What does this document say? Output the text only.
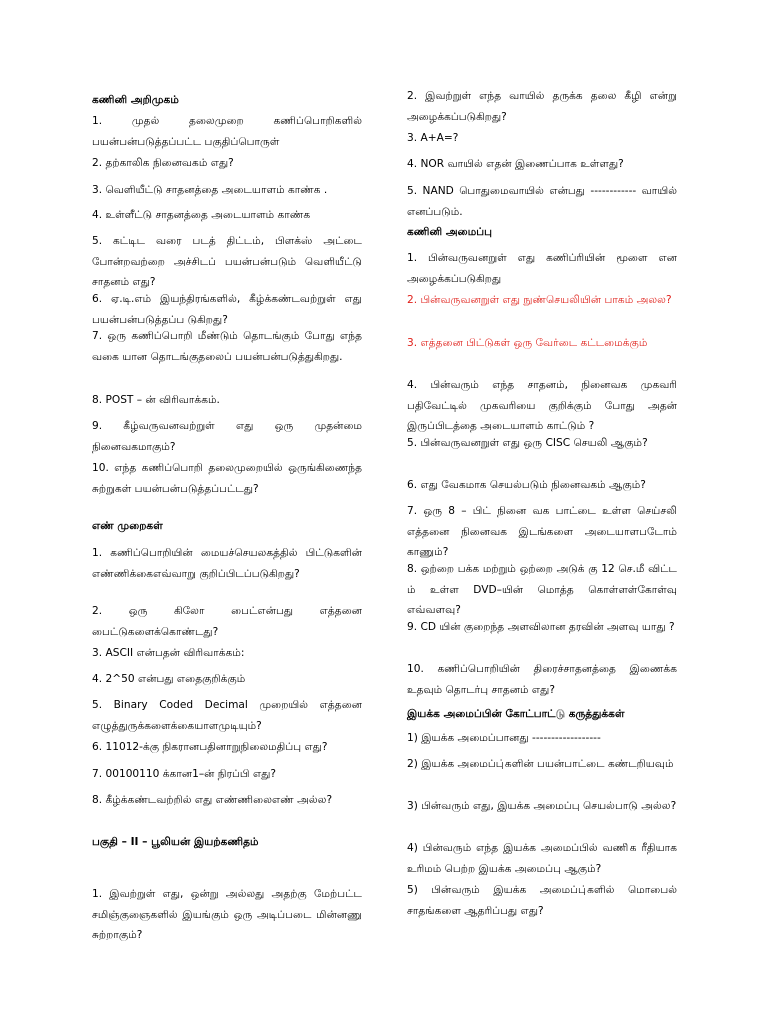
கணினி அறிமுகம்

1. முதல் தலைமுறை கணிப்பொறிகளில் பயன்பன்படுத்தப்பட்ட பகுதிப்பொருள்

2. தற்காலிக நினைவகம் எது?

3. வெளியீட்டு சாதனத்தை அடையாளம் காண்க .

4. உள்ளீட்டு சாதனத்தை அடையாளம் காண்க

5. கட்டிட வரை படத் திட்டம், பிளக்ஸ் அட்டை போன்றவற்றை அச்சிடப் பயன்பன்படும் வெளியீட்டு சாதனம் எது?

6. ஏ.டி.எம் இயந்திரங்களில், கீழ்க்கண்டவற்றுள் எது பயன்பன்படுத்தப்ப டுகிறது?

7. ஒரு கணிப்பொறி மீண்டும் தொடங்கும் போது எந்த வகை யான தொடங்குதலைப் பயன்பன்படுத்துகிறது.

8. POST – ன் விரிவாக்கம்.

9. கீழ்வருவனவற்றுள் எது ஒரு முதன்மை நினைவகமாகும்?

10. எந்த கணிப்பொறி தலைமுறையில் ஒருங்கிணைந்த சுற்றுகள் பயன்பன்படுத்தப்பட்டது?

எண் முறைகள்

1. கணிப்பொறியின் மையச்செயலகத்தில் பிட்டுகளின் எண்ணிக்கைஎவ்வாறு குறிப்பிடப்படுகிறது?

2. ஒரு கிலோ பைட்என்பது எத்தனை பைட்டுகளைக்கொண்டது?

3. ASCII என்பதன் விரிவாக்கம்:

4. 2^50 என்பது எதைகுறிக்கும்

5. Binary Coded Decimal முறையில் எத்தனை எழுத்துருக்களைக்கையாளமுடியும்?

6. 11012-க்கு நிகரானபதினாறுநிலைமதிப்பு எது?

7. 00100110 க்கான1–ன் நிரப்பி எது?

8. கீழ்க்கண்டவற்றில் எது எண்ணிலைஎண் அல்ல?

பகுதி – II – பூலியன் இயற்கணிதம்

1. இவற்றுள் எது, ஒன்று அல்லது அதற்கு மேற்பட்ட சமிஞ்குஞைகளில் இயங்கும் ஒரு அடிப்படை மின்னணு சுற்றாகும்?

2. இவற்றுள் எந்த வாயில் தருக்க தலை கீழி என்று அழைக்கப்படுகிறது?

3. A+A=?

4. NOR வாயில் எதன் இணைப்பாக உள்ளது?

5. NAND பொதுமைவாயில் என்பது ------------ வாயில் எனப்படும்.

கணினி அமைப்பு

1. பின்வருவனறுள் எது கணிப்ரியின் மூளை என அழைக்கப்படுகிறது

2. பின்வருவனறுள் எது நுண்செயலியின் பாகம் அலல?

3. எத்தனை பிட்டுகள் ஒரு வேர்டை கட்டமைக்கும்

4. பின்வரும் எந்த சாதனம், நினைவக முகவரி பதிவேட்டில் முகவரியை குறிக்கும் போது அதன் இருப்பிடத்தை அடையாளம் காட்டும் ?

5. பின்வருவனறுள் எது ஒரு CISC செயலி ஆகும்?

6. எது வேகமாக செயல்படும் நினைவகம் ஆகும்?

7. ஒரு 8 – பிட் நினை வக பாட்டை உள்ள செய்சலி எத்தனை நினைவக இடங்களை அடையாளபடோம் காணும்?

8. ஒற்றை பக்க மற்றும் ஒற்றை அடுக் கு 12 செ.மீ விட்ட ம் உள்ள DVD–யின் மொத்த கொள்ளள்கோள்வு எவ்வளவு?

9. CD யின் குறைந்த அளவிலான தரவின் அளவு யாது ?

10. கணிப்பொறியின் திரைச்சாதனத்தை இணைக்க உதவும் தொடர்பு சாதனம் எது?

இயக்க அமைப்பின் கோட்பாட்டு கருத்துக்கள்

1) இயக்க அமைப்பானது ------------------

2) இயக்க அமைப்பு்களின் பயன்பாட்டை கண்டறியவும்

3) பின்வரும் எது, இயக்க அமைப்பு செயல்பாடு அல்ல?

4) பின்வரும் எந்த இயக்க அமைப்பில் வணி்க ரீதியாக உரிமம் பெற்ற இயக்க அமைப்பு ஆகும்?

5) பின்வரும் இயக்க அமைப்பு்களில் மொபைல் சாதங்களை ஆதரிப்பது எது?
